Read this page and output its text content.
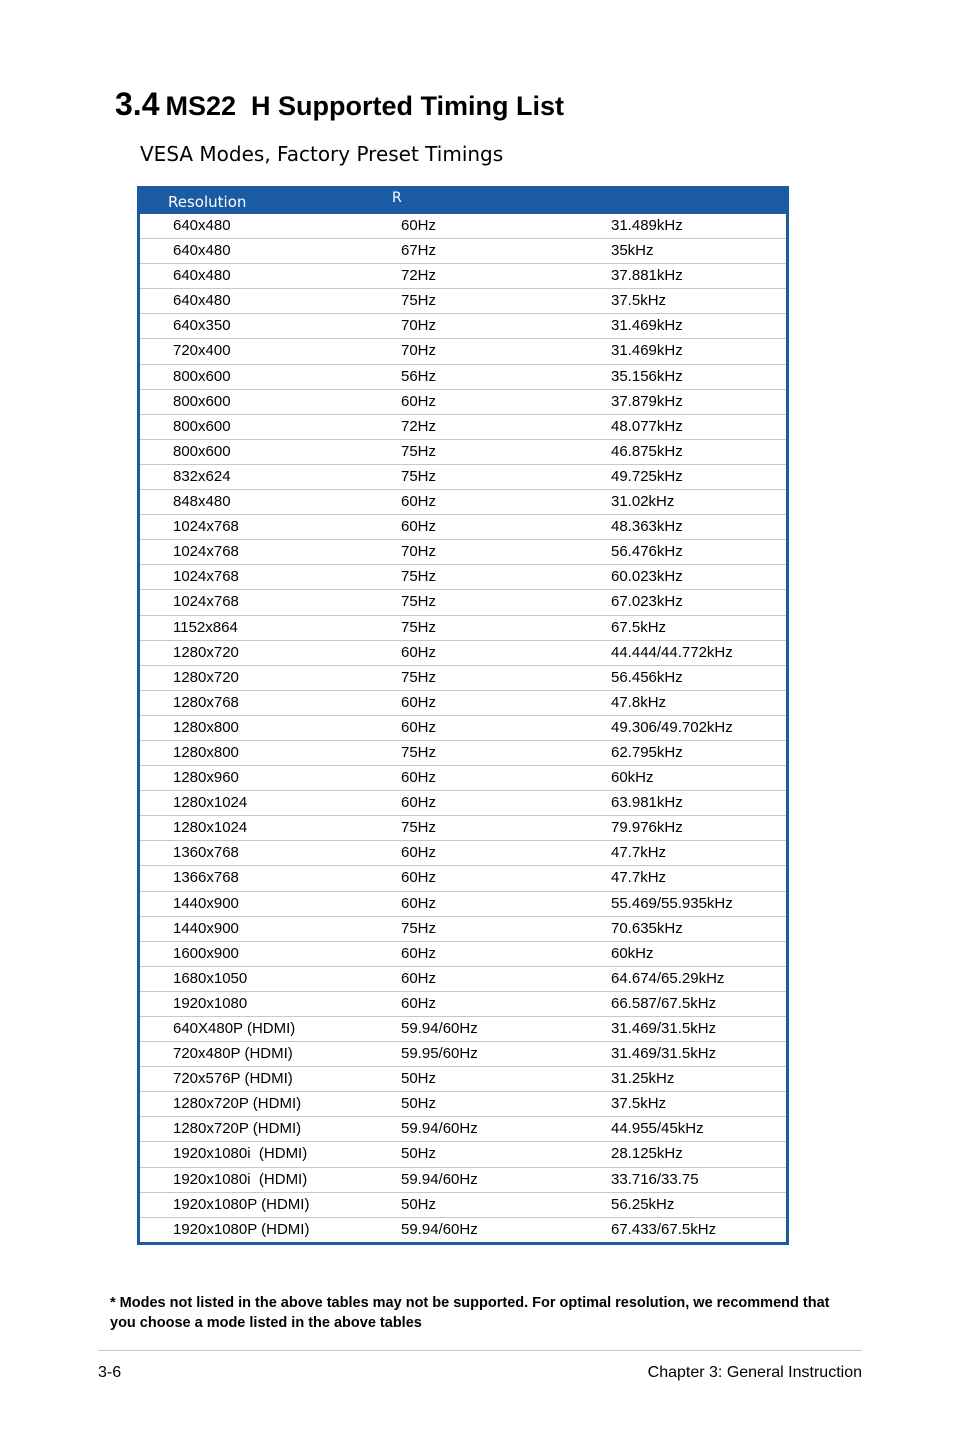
3.4 MS22  H Supported Timing List
VESA Modes, Factory Preset Timings
Resolution	R
640x480	60Hz	31.489kHz
640x480	67Hz	35kHz
640x480	72Hz	37.881kHz
640x480	75Hz	37.5kHz
640x350	70Hz	31.469kHz
720x400	70Hz	31.469kHz
800x600	56Hz	35.156kHz
800x600	60Hz	37.879kHz
800x600	72Hz	48.077kHz
800x600	75Hz	46.875kHz
832x624	75Hz	49.725kHz
848x480	60Hz	31.02kHz
1024x768	60Hz	48.363kHz
1024x768	70Hz	56.476kHz
1024x768	75Hz	60.023kHz
1024x768	75Hz	67.023kHz
1152x864	75Hz	67.5kHz
1280x720	60Hz	44.444/44.772kHz
1280x720	75Hz	56.456kHz
1280x768	60Hz	47.8kHz
1280x800	60Hz	49.306/49.702kHz
1280x800	75Hz	62.795kHz
1280x960	60Hz	60kHz
1280x1024	60Hz	63.981kHz
1280x1024	75Hz	79.976kHz
1360x768	60Hz	47.7kHz
1366x768	60Hz	47.7kHz
1440x900	60Hz	55.469/55.935kHz
1440x900	75Hz	70.635kHz
1600x900	60Hz	60kHz
1680x1050	60Hz	64.674/65.29kHz
1920x1080	60Hz	66.587/67.5kHz
640X480P (HDMI)	59.94/60Hz	31.469/31.5kHz
720x480P (HDMI)	59.95/60Hz	31.469/31.5kHz
720x576P (HDMI)	50Hz	31.25kHz
1280x720P (HDMI)	50Hz	37.5kHz
1280x720P (HDMI)	59.94/60Hz	44.955/45kHz
1920x1080i  (HDMI)	50Hz	28.125kHz
1920x1080i  (HDMI)	59.94/60Hz	33.716/33.75
1920x1080P (HDMI)	50Hz	56.25kHz
1920x1080P (HDMI)	59.94/60Hz	67.433/67.5kHz
* Modes not listed in the above tables may not be supported. For optimal resolution, we recommend that you choose a mode listed in the above tables
3-6	Chapter 3: General Instruction
